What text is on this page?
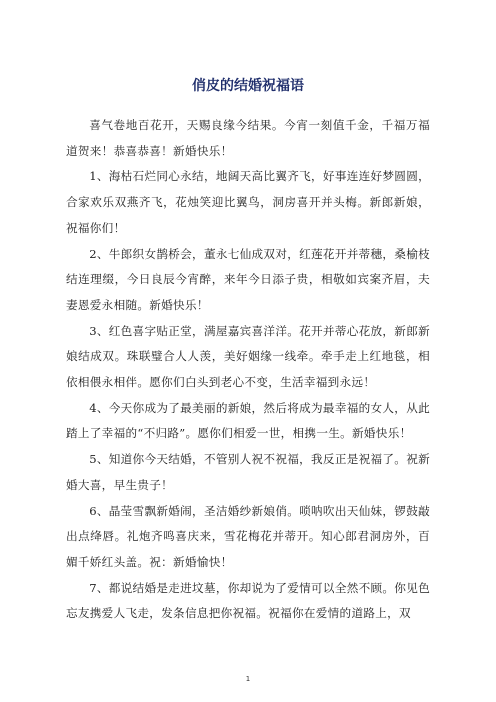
俏皮的结婚祝福语

喜气卷地百花开，天赐良缘今结果。今宵一刻值千金，千福万福道贺来！恭喜恭喜！新婚快乐！

1、海枯石烂同心永结，地阔天高比翼齐飞，好事连连好梦圆圆，合家欢乐双燕齐飞，花烛笑迎比翼鸟，洞房喜开并头梅。新郎新娘，祝福你们！

2、牛郎织女鹊桥会，董永七仙成双对，红莲花开并蒂穗，桑榆枝结连理缀，今日良辰今宵醉，来年今日添子贵，相敬如宾案齐眉，夫妻恩爱永相随。新婚快乐！

3、红色喜字贴正堂，满屋嘉宾喜洋洋。花开并蒂心花放，新郎新娘结成双。珠联璧合人人羡，美好姻缘一线牵。牵手走上红地毯，相依相偎永相伴。愿你们白头到老心不变，生活幸福到永远！

4、今天你成为了最美丽的新娘，然后将成为最幸福的女人，从此踏上了幸福的“不归路”。愿你们相爱一世，相携一生。新婚快乐！

5、知道你今天结婚，不管别人祝不祝福，我反正是祝福了。祝新婚大喜，早生贵子！

6、晶莹雪飘新婚闹，圣洁婚纱新娘俏。唢呐吹出天仙妹，锣鼓敲出点绛唇。礼炮齐鸣喜庆来，雪花梅花并蒂开。知心郎君洞房外，百媚千娇红头盖。祝：新婚愉快！

7、都说结婚是走进坟墓，你却说为了爱情可以全然不顾。你见色忘友携爱人飞走，发条信息把你祝福。祝福你在爱情的道路上，双

1
